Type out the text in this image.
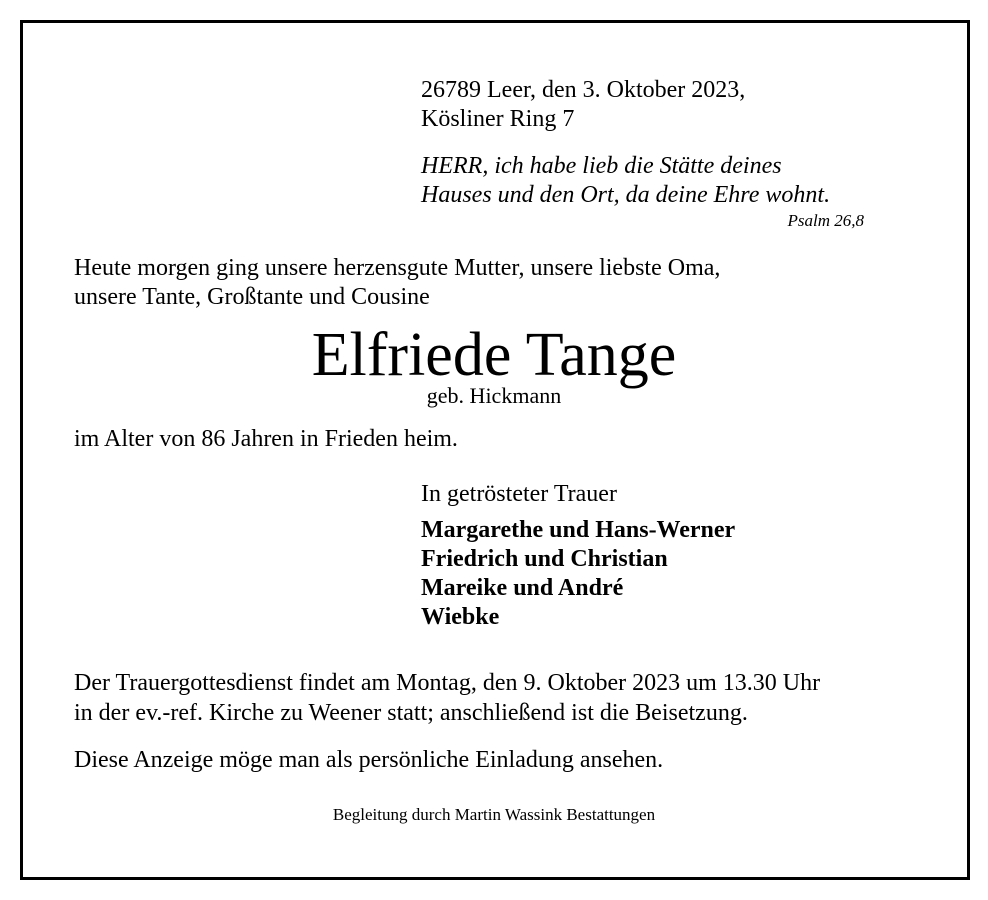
26789 Leer, den 3. Oktober 2023,
Kösliner Ring 7
HERR, ich habe lieb die Stätte deines
Hauses und den Ort, da deine Ehre wohnt.
Psalm 26,8
Heute morgen ging unsere herzensgute Mutter, unsere liebste Oma,
unsere Tante, Großtante und Cousine
Elfriede Tange
geb. Hickmann
im Alter von 86 Jahren in Frieden heim.
In getrösteter Trauer
Margarethe und Hans-Werner
Friedrich und Christian
Mareike und André
Wiebke
Der Trauergottesdienst findet am Montag, den 9. Oktober 2023 um 13.30 Uhr
in der ev.-ref. Kirche zu Weener statt; anschließend ist die Beisetzung.
Diese Anzeige möge man als persönliche Einladung ansehen.
Begleitung durch Martin Wassink Bestattungen
